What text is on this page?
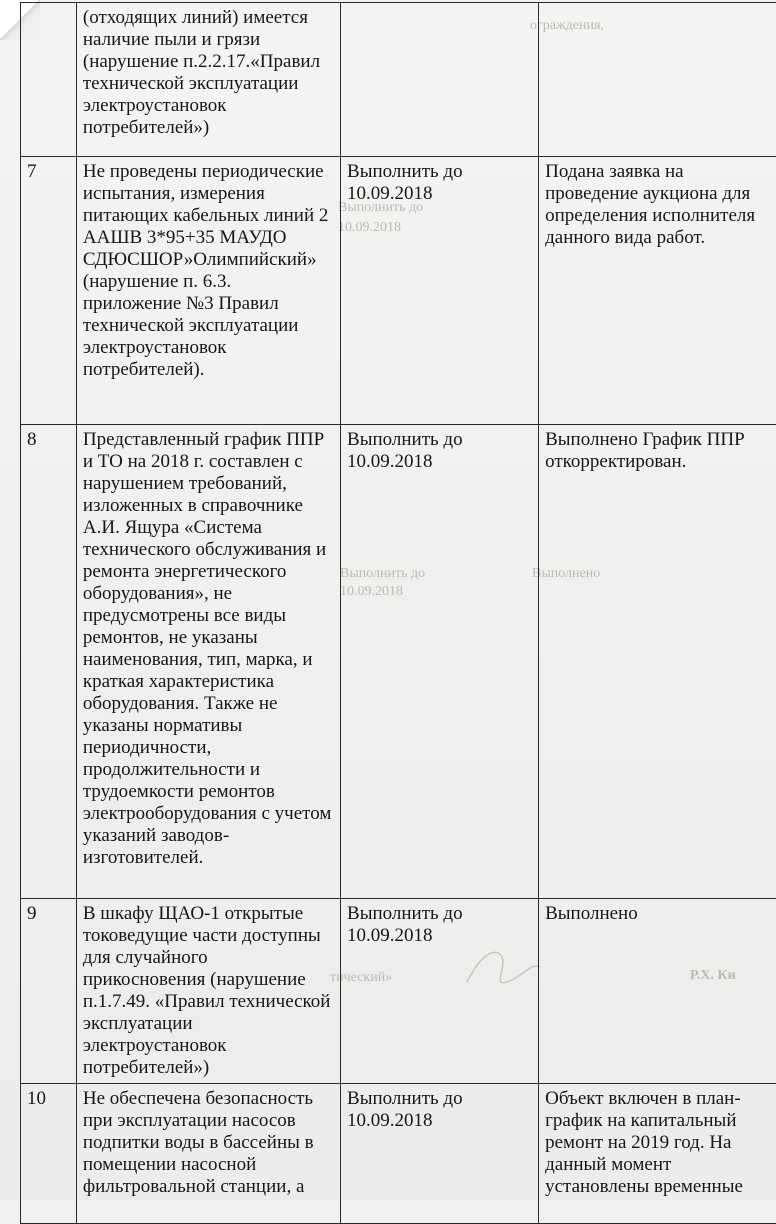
ограждения,
Выполнить до
10.09.2018
Выполнить до
10.09.2018
Выполнено
тический»	Р.Х. Ки
	(отходящих линий) имеется наличие пыли и грязи (нарушение п.2.2.17.«Правил технической эксплуатации электроустановок потребителей»)		
7	Не проведены периодические испытания, измерения питающих кабельных линий 2 ААШВ 3*95+35 МАУДО СДЮСШОР»Олимпийский» (нарушение п. 6.3. приложение №3 Правил технической эксплуатации электроустановок потребителей).	Выполнить до 10.09.2018	Подана заявка на проведение аукциона для определения исполнителя данного вида работ.
8	Представленный график ППР и ТО на 2018 г. составлен с нарушением требований, изложенных в справочнике А.И. Ящура «Система технического обслуживания и ремонта энергетического оборудования», не предусмотрены все виды ремонтов, не указаны наименования, тип, марка, и краткая характеристика оборудования. Также не указаны нормативы периодичности, продолжительности и трудоемкости ремонтов электрооборудования с учетом указаний заводов-изготовителей.	Выполнить до 10.09.2018	Выполнено График ППР откорректирован.
9	В шкафу ЩАО-1 открытые токоведущие части доступны для случайного прикосновения (нарушение п.1.7.49. «Правил технической эксплуатации электроустановок потребителей»)	Выполнить до 10.09.2018	Выполнено
10	Не обеспечена безопасность при эксплуатации насосов подпитки воды в бассейны в помещении насосной фильтровальной станции, а	Выполнить до 10.09.2018	Объект включен в план-график на капитальный ремонт на 2019 год. На данный момент установлены временные
